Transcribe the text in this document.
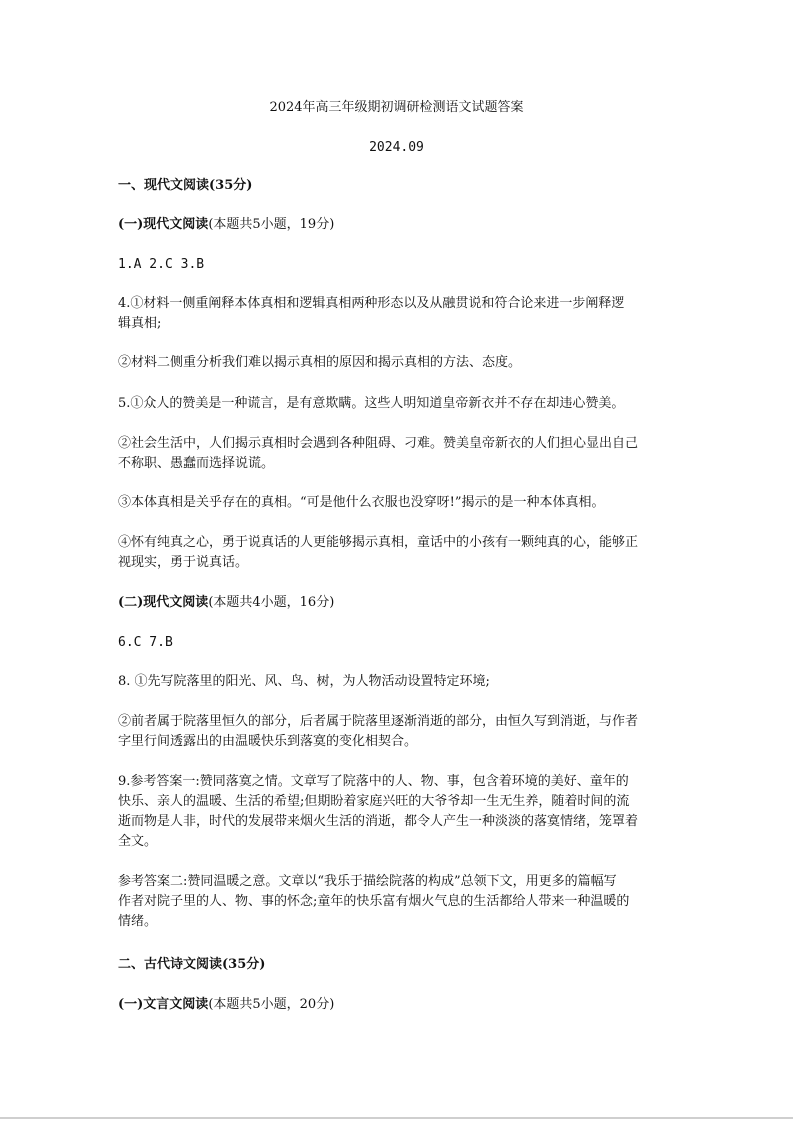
2024年高三年级期初调研检测语文试题答案
2024.09
一、现代文阅读(35分)
(一)现代文阅读(本题共5小题，19分)
1.A 2.C 3.B
4.①材料一侧重阐释本体真相和逻辑真相两种形态以及从融贯说和符合论来进一步阐释逻
辑真相;
②材料二侧重分析我们难以揭示真相的原因和揭示真相的方法、态度。
5.①众人的赞美是一种谎言，是有意欺瞒。这些人明知道皇帝新衣并不存在却违心赞美。
②社会生活中，人们揭示真相时会遇到各种阻碍、刁难。赞美皇帝新衣的人们担心显出自己
不称职、愚蠢而选择说谎。
③本体真相是关乎存在的真相。“可是他什么衣服也没穿呀!”揭示的是一种本体真相。
④怀有纯真之心，勇于说真话的人更能够揭示真相，童话中的小孩有一颗纯真的心，能够正
视现实，勇于说真话。
(二)现代文阅读(本题共4小题，16分)
6.C 7.B
8. ①先写院落里的阳光、风、鸟、树，为人物活动设置特定环境;
②前者属于院落里恒久的部分，后者属于院落里逐渐消逝的部分，由恒久写到消逝，与作者
字里行间透露出的由温暖快乐到落寞的变化相契合。
9.参考答案一:赞同落寞之情。文章写了院落中的人、物、事，包含着环境的美好、童年的
快乐、亲人的温暖、生活的希望;但期盼着家庭兴旺的大爷爷却一生无生养，随着时间的流
逝而物是人非，时代的发展带来烟火生活的消逝，都令人产生一种淡淡的落寞情绪，笼罩着
全文。
参考答案二:赞同温暖之意。文章以“我乐于描绘院落的构成”总领下文，用更多的篇幅写
作者对院子里的人、物、事的怀念;童年的快乐富有烟火气息的生活都给人带来一种温暖的
情绪。
二、古代诗文阅读(35分)
(一)文言文阅读(本题共5小题，20分)
